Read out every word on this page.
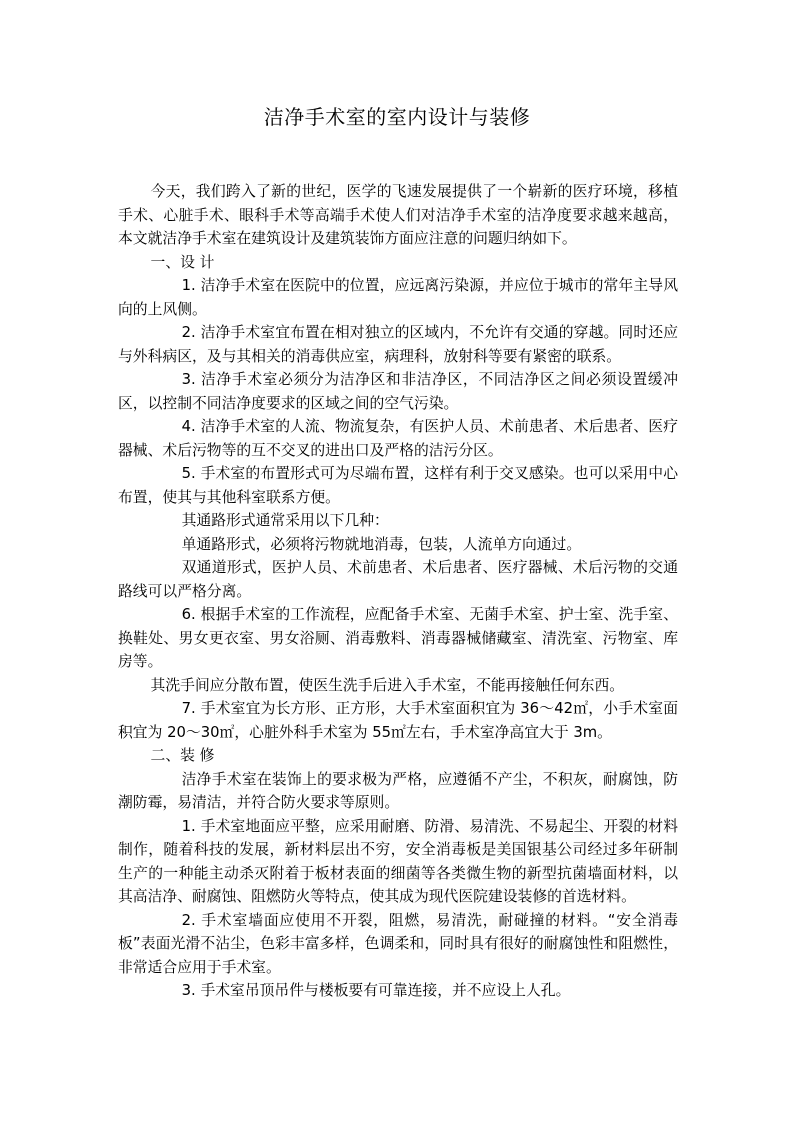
洁净手术室的室内设计与装修

今天，我们跨入了新的世纪，医学的飞速发展提供了一个崭新的医疗环境，移植手术、心脏手术、眼科手术等高端手术使人们对洁净手术室的洁净度要求越来越高，本文就洁净手术室在建筑设计及建筑装饰方面应注意的问题归纳如下。

一、设 计

1. 洁净手术室在医院中的位置，应远离污染源，并应位于城市的常年主导风向的上风侧。

2. 洁净手术室宜布置在相对独立的区域内，不允许有交通的穿越。同时还应与外科病区，及与其相关的消毒供应室，病理科，放射科等要有紧密的联系。

3. 洁净手术室必须分为洁净区和非洁净区，不同洁净区之间必须设置缓冲区，以控制不同洁净度要求的区域之间的空气污染。

4. 洁净手术室的人流、物流复杂，有医护人员、术前患者、术后患者、医疗器械、术后污物等的互不交叉的进出口及严格的洁污分区。

5. 手术室的布置形式可为尽端布置，这样有利于交叉感染。也可以采用中心布置，使其与其他科室联系方便。

其通路形式通常采用以下几种：

单通路形式，必须将污物就地消毒，包装，人流单方向通过。

双通道形式，医护人员、术前患者、术后患者、医疗器械、术后污物的交通路线可以严格分离。

6. 根据手术室的工作流程，应配备手术室、无菌手术室、护士室、洗手室、换鞋处、男女更衣室、男女浴厕、消毒敷料、消毒器械储藏室、清洗室、污物室、库房等。

其洗手间应分散布置，使医生洗手后进入手术室，不能再接触任何东西。

7. 手术室宜为长方形、正方形，大手术室面积宜为 36～42㎡，小手术室面积宜为 20～30㎡，心脏外科手术室为 55㎡左右，手术室净高宜大于 3m。

二、装 修

洁净手术室在装饰上的要求极为严格，应遵循不产尘，不积灰，耐腐蚀，防潮防霉，易清洁，并符合防火要求等原则。

1. 手术室地面应平整，应采用耐磨、防滑、易清洗、不易起尘、开裂的材料制作，随着科技的发展，新材料层出不穷，安全消毒板是美国银基公司经过多年研制生产的一种能主动杀灭附着于板材表面的细菌等各类微生物的新型抗菌墙面材料，以其高洁净、耐腐蚀、阻燃防火等特点，使其成为现代医院建设装修的首选材料。

2. 手术室墙面应使用不开裂，阻燃，易清洗，耐碰撞的材料。“安全消毒板”表面光滑不沾尘，色彩丰富多样，色调柔和，同时具有很好的耐腐蚀性和阻燃性，非常适合应用于手术室。

3. 手术室吊顶吊件与楼板要有可靠连接，并不应设上人孔。
